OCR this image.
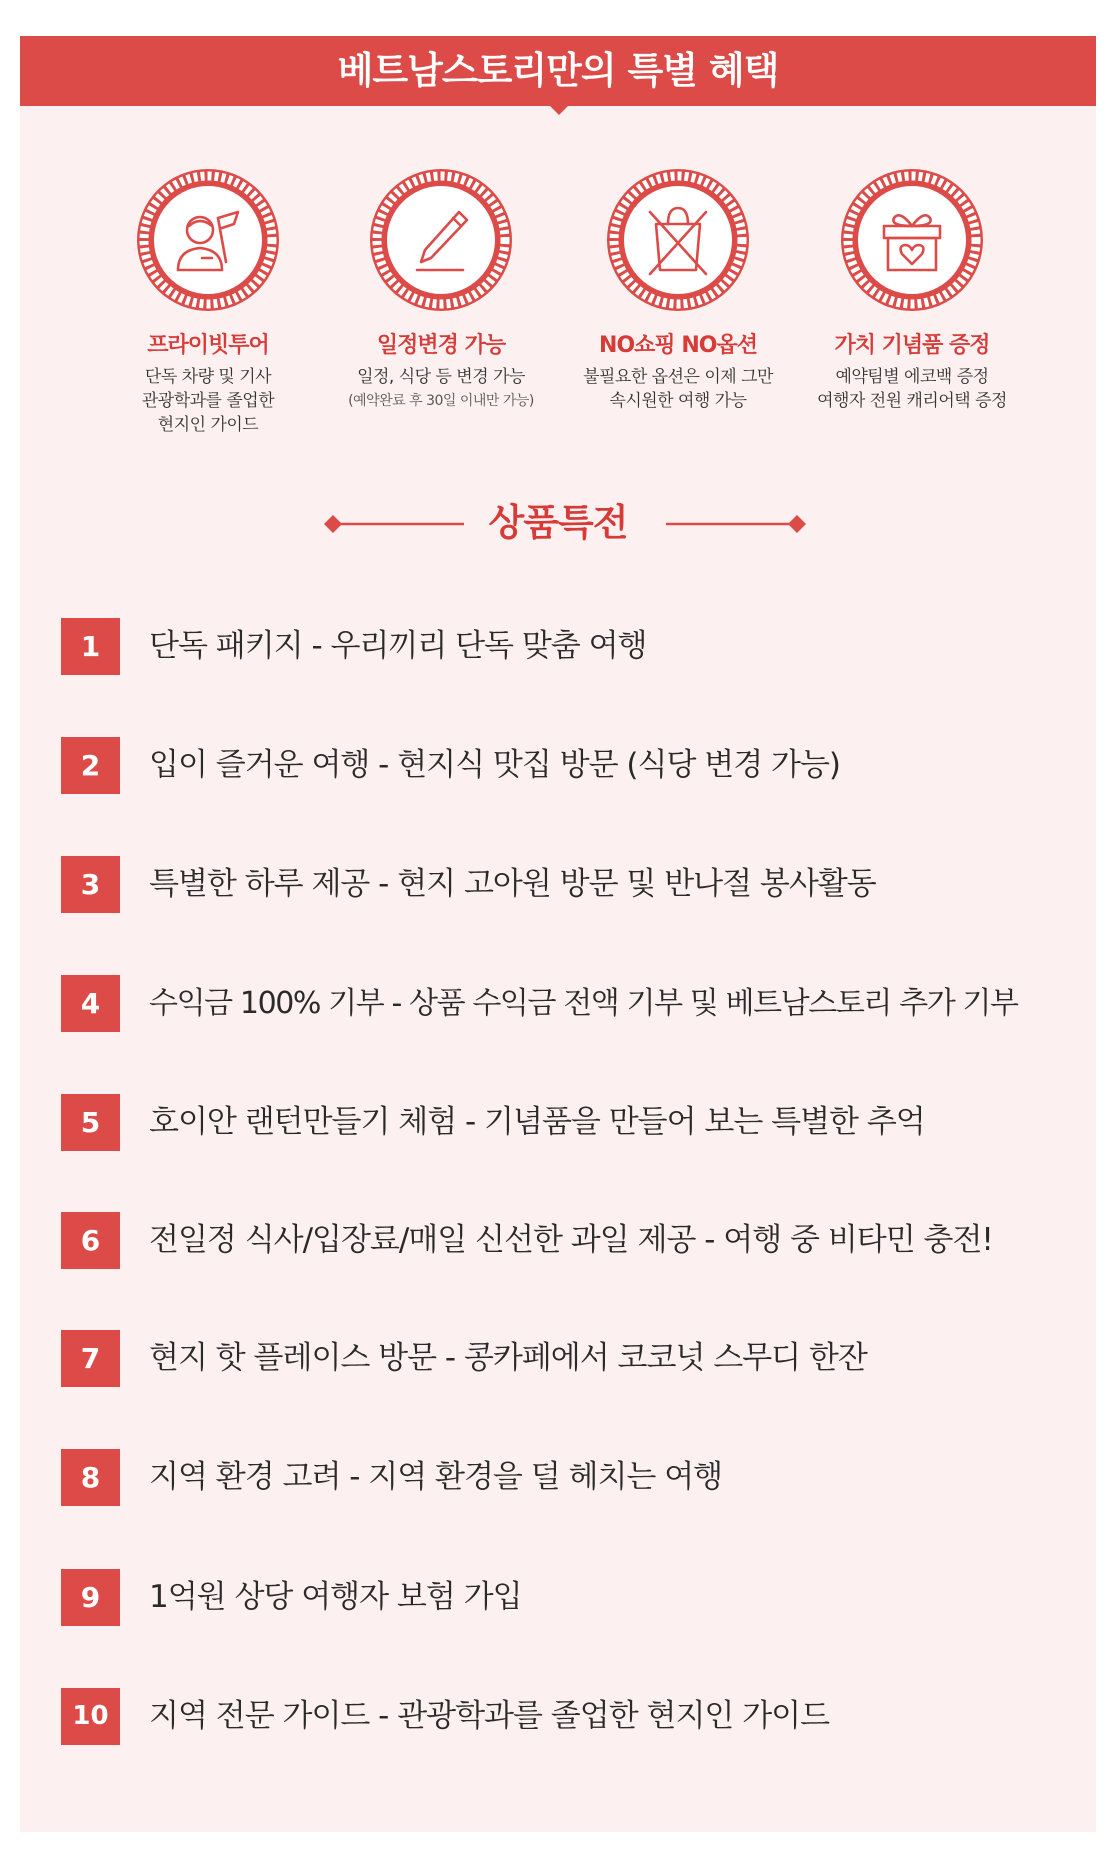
베트남스토리만의 특별 혜택
프라이빗투어
단독 차량 및 기사
관광학과를 졸업한
현지인 가이드
일정변경 가능
일정, 식당 등 변경 가능
(예약완료 후 30일 이내만 가능)
NO쇼핑 NO옵션
불필요한 옵션은 이제 그만
속시원한 여행 가능
가치 기념품 증정
예약팀별 에코백 증정
여행자 전원 캐리어택 증정
상품특전
1	단독 패키지 - 우리끼리 단독 맞춤 여행
2	입이 즐거운 여행 - 현지식 맛집 방문 (식당 변경 가능)
3	특별한 하루 제공 - 현지 고아원 방문 및 반나절 봉사활동
4	수익금 100% 기부 - 상품 수익금 전액 기부 및 베트남스토리 추가 기부
5	호이안 랜턴만들기 체험 - 기념품을 만들어 보는 특별한 추억
6	전일정 식사/입장료/매일 신선한 과일 제공 - 여행 중 비타민 충전!
7	현지 핫 플레이스 방문 - 콩카페에서 코코넛 스무디 한잔
8	지역 환경 고려 - 지역 환경을 덜 헤치는 여행
9	1억원 상당 여행자 보험 가입
10	지역 전문 가이드 - 관광학과를 졸업한 현지인 가이드
